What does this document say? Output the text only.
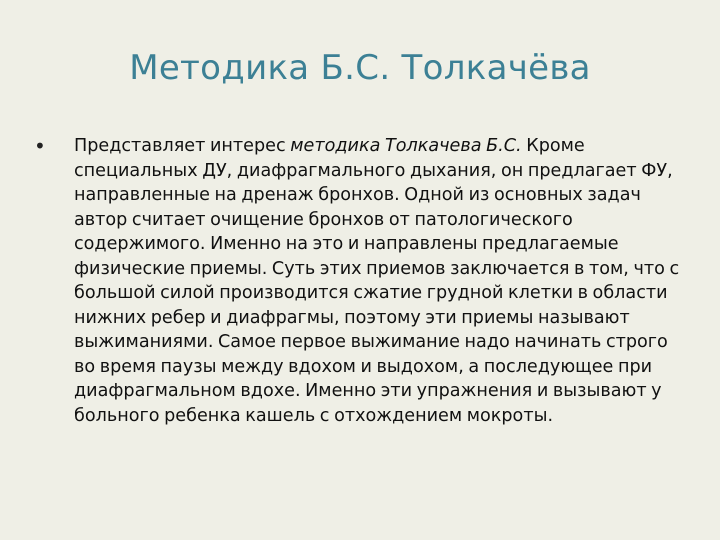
Методика Б.С. Толкачёва
•	Представляет интерес методика Толкачева Б.С. Кроме специальных ДУ, диафрагмального дыхания, он предлагает ФУ, направленные на дренаж бронхов. Одной из основных задач автор считает очищение бронхов от патологического содержимого. Именно на это и направлены предлагаемые физические приемы. Суть этих приемов заключается в том, что с большой силой производится сжатие грудной клетки в области нижних ребер и диафрагмы, поэтому эти приемы называют выжиманиями. Самое первое выжимание надо начинать строго во время паузы между вдохом и выдохом, а последующее при диафрагмальном вдохе. Именно эти упражнения и вызывают у больного ребенка кашель с отхождением мокроты.
